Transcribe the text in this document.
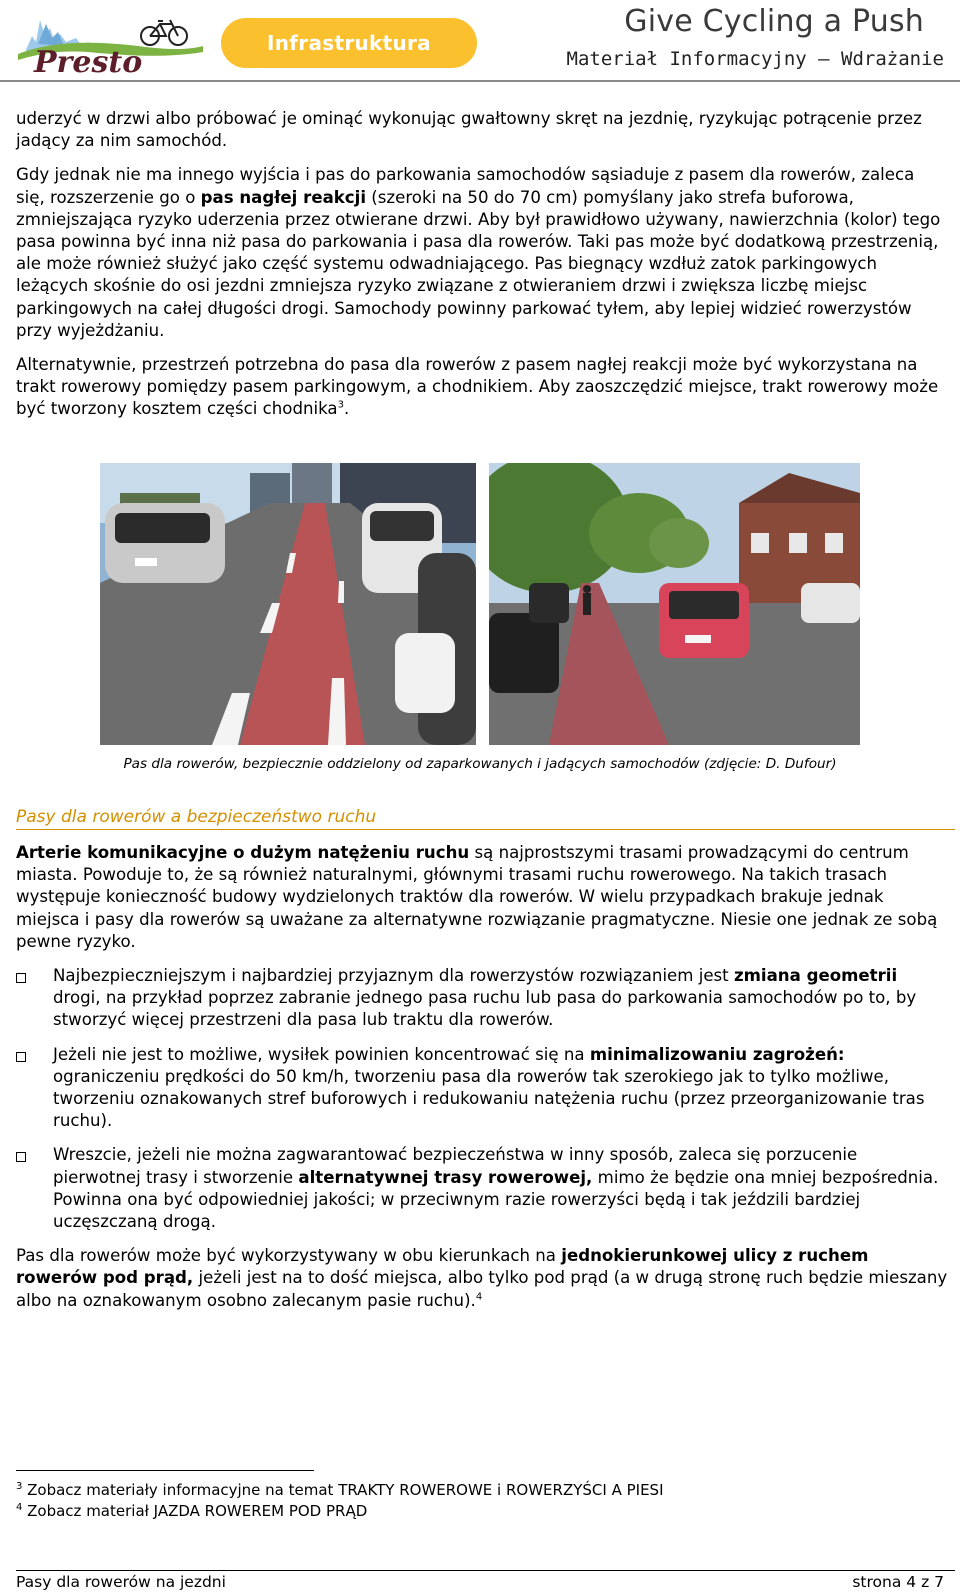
Presto
Infrastruktura
Give Cycling a Push
Materiał Informacyjny – Wdrażanie

uderzyć w drzwi albo próbować je ominąć wykonując gwałtowny skręt na jezdnię, ryzykując potrącenie przez jadący za nim samochód.

Gdy jednak nie ma innego wyjścia i pas do parkowania samochodów sąsiaduje z pasem dla rowerów, zaleca się, rozszerzenie go o pas nagłej reakcji (szeroki na 50 do 70 cm) pomyślany jako strefa buforowa, zmniejszająca ryzyko uderzenia przez otwierane drzwi. Aby był prawidłowo używany, nawierzchnia (kolor) tego pasa powinna być inna niż pasa do parkowania i pasa dla rowerów. Taki pas może być dodatkową przestrzenią, ale może również służyć jako część systemu odwadniającego. Pas biegnący wzdłuż zatok parkingowych leżących skośnie do osi jezdni zmniejsza ryzyko związane z otwieraniem drzwi i zwiększa liczbę miejsc parkingowych na całej długości drogi. Samochody powinny parkować tyłem, aby lepiej widzieć rowerzystów przy wyjeżdżaniu.

Alternatywnie, przestrzeń potrzebna do pasa dla rowerów z pasem nagłej reakcji może być wykorzystana na trakt rowerowy pomiędzy pasem parkingowym, a chodnikiem. Aby zaoszczędzić miejsce, trakt rowerowy może być tworzony kosztem części chodnika$^3$.

Pas dla rowerów, bezpiecznie oddzielony od zaparkowanych i jadących samochodów (zdjęcie: D. Dufour)
Pasy dla rowerów a bezpieczeństwo ruchu

Arterie komunikacyjne o dużym natężeniu ruchu są najprostszymi trasami prowadzącymi do centrum miasta. Powoduje to, że są również naturalnymi, głównymi trasami ruchu rowerowego. Na takich trasach występuje konieczność budowy wydzielonych traktów dla rowerów. W wielu przypadkach brakuje jednak miejsca i pasy dla rowerów są uważane za alternatywne rozwiązanie pragmatyczne. Niesie one jednak ze sobą pewne ryzyko.

Najbezpieczniejszym i najbardziej przyjaznym dla rowerzystów rozwiązaniem jest zmiana geometrii drogi, na przykład poprzez zabranie jednego pasa ruchu lub pasa do parkowania samochodów po to, by stworzyć więcej przestrzeni dla pasa lub traktu dla rowerów.
Jeżeli nie jest to możliwe, wysiłek powinien koncentrować się na minimalizowaniu zagrożeń: ograniczeniu prędkości do 50 km/h, tworzeniu pasa dla rowerów tak szerokiego jak to tylko możliwe, tworzeniu oznakowanych stref buforowych i redukowaniu natężenia ruchu (przez przeorganizowanie tras ruchu).
Wreszcie, jeżeli nie można zagwarantować bezpieczeństwa w inny sposób, zaleca się porzucenie pierwotnej trasy i stworzenie alternatywnej trasy rowerowej, mimo że będzie ona mniej bezpośrednia. Powinna ona być odpowiedniej jakości; w przeciwnym razie rowerzyści będą i tak jeździli bardziej uczęszczaną drogą.

Pas dla rowerów może być wykorzystywany w obu kierunkach na jednokierunkowej ulicy z ruchem rowerów pod prąd, jeżeli jest na to dość miejsca, albo tylko pod prąd (a w drugą stronę ruch będzie mieszany albo na oznakowanym osobno zalecanym pasie ruchu).$^4$

$^3$ Zobacz materiały informacyjne na temat TRAKTY ROWEROWE i ROWERZYŚCI A PIESI
$^4$ Zobacz materiał JAZDA ROWEREM POD PRĄD
Pasy dla rowerów na jezdni	strona 4 z 7
